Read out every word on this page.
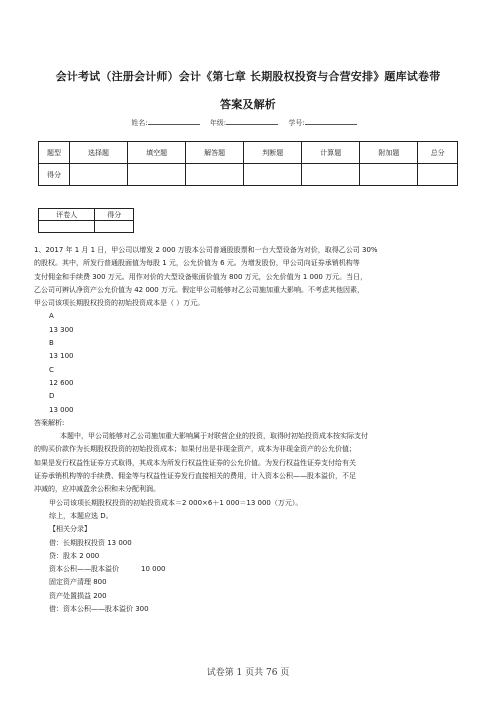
会计考试（注册会计师）会计《第七章 长期股权投资与合营安排》题库试卷带
答案及解析
姓名:	年级:	学号:
题型	选择题	填空题	解答题	判断题	计算题	附加题	总分
得分							
评卷人	得分

1、2017 年 1 月 1 日，甲公司以增发 2 000 万股本公司普通股股票和一台大型设备为对价，取得乙公司 30%

的股权。其中，所发行普通股面值为每股 1 元，公允价值为 6 元。为增发股份，甲公司向证券承销机构等

支付佣金和手续费 300 万元。用作对价的大型设备账面价值为 800 万元，公允价值为 1 000 万元。当日，

乙公司可辨认净资产公允价值为 42 000 万元。假定甲公司能够对乙公司施加重大影响。不考虑其他因素，

甲公司该项长期股权投资的初始投资成本是（ ）万元。

A

13 300

B

13 100

C

12 600

D

13 000

答案解析:

本题中，甲公司能够对乙公司施加重大影响属于对联营企业的投资，取得时初始投资成本按实际支付

的购买价款作为长期股权投资的初始投资成本；如果付出是非现金资产，成本为非现金资产的公允价值；

如果是发行权益性证券方式取得，其成本为所发行权益性证券的公允价值。为发行权益性证券支付给有关

证券承销机构等的手续费、佣金等与权益性证券发行直接相关的费用，计入资本公积——股本溢价，不足

冲减的，应冲减盈余公积和未分配利润。

甲公司该项长期股权投资的初始投资成本＝2 000×6＋1 000＝13 000（万元）。

综上，本题应选 D。

【相关分录】

借：长期股权投资 13 000

贷：股本 2 000

资本公积——股本溢价	10 000

固定资产清理 800

资产处置损益 200

借：资本公积——股本溢价 300

试卷第 1 页共 76 页
